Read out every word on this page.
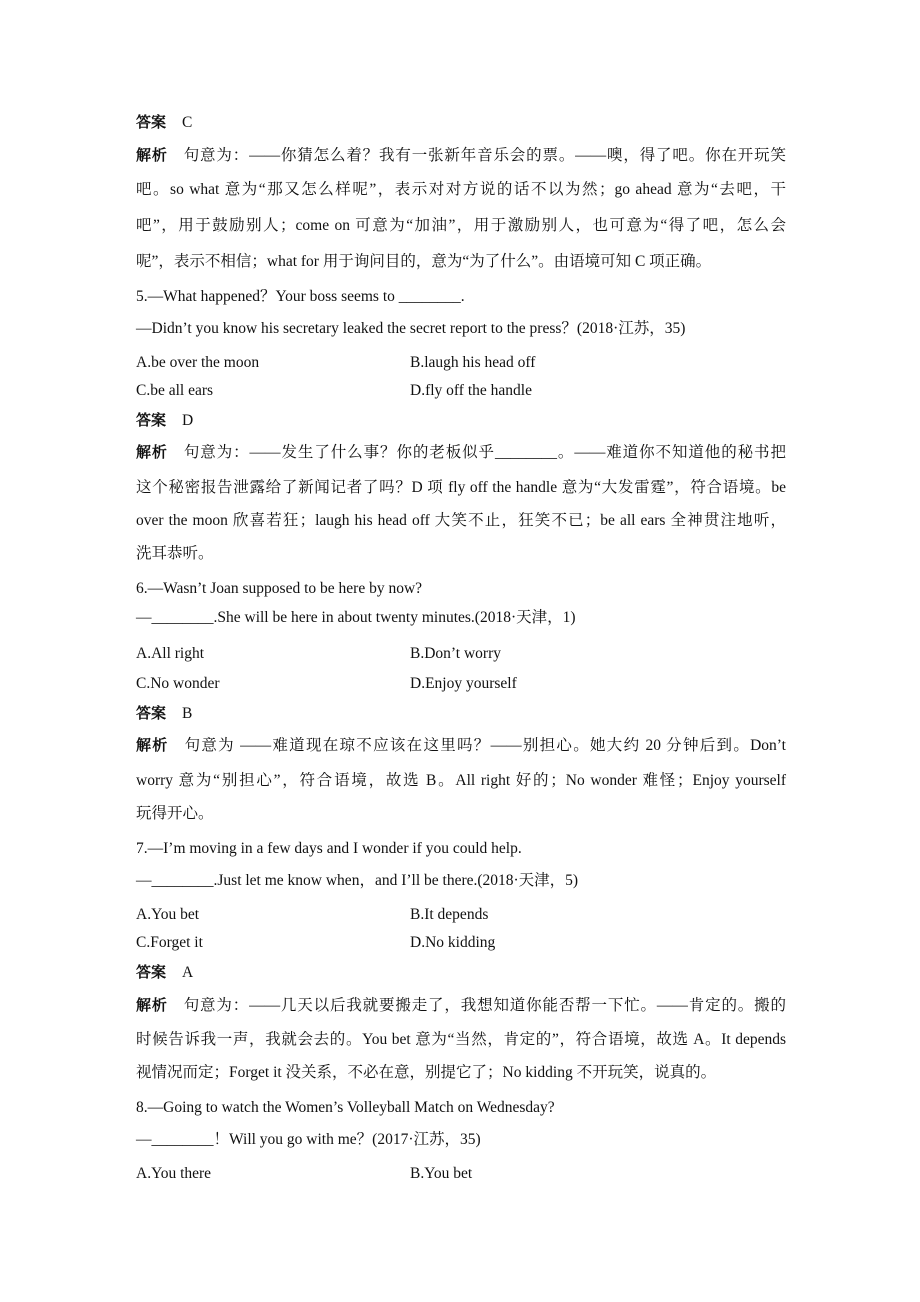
答案 C
解析 句意为：——你猜怎么着？我有一张新年音乐会的票。——噢，得了吧。你在开玩笑
吧。so what 意为“那又怎么样呢”，表示对对方说的话不以为然；go ahead 意为“去吧，干
吧”，用于鼓励别人；come on 可意为“加油”，用于激励别人，也可意为“得了吧，怎么会
呢”，表示不相信；what for 用于询问目的，意为“为了什么”。由语境可知 C 项正确。
5.—What happened？Your boss seems to ________.
—Didn’t you know his secretary leaked the secret report to the press？(2018·江苏，35)
A.be over the moon	B.laugh his head off
C.be all ears	D.fly off the handle
答案 D
解析 句意为：——发生了什么事？你的老板似乎________。——难道你不知道他的秘书把
这个秘密报告泄露给了新闻记者了吗？D 项 fly off the handle 意为“大发雷霆”，符合语境。be
over the moon 欣喜若狂；laugh his head off 大笑不止，狂笑不已；be all ears 全神贯注地听，
洗耳恭听。
6.—Wasn’t Joan supposed to be here by now?
—________.She will be here in about twenty minutes.(2018·天津，1)
A.All right	B.Don’t worry
C.No wonder	D.Enjoy yourself
答案 B
解析 句意为 ——难道现在琼不应该在这里吗？——别担心。她大约 20 分钟后到。Don’t
worry 意为“别担心”，符合语境，故选 B。All right 好的；No wonder 难怪；Enjoy yourself
玩得开心。
7.—I’m moving in a few days and I wonder if you could help.
—________.Just let me know when，and I’ll be there.(2018·天津，5)
A.You bet	B.It depends
C.Forget it	D.No kidding
答案 A
解析 句意为：——几天以后我就要搬走了，我想知道你能否帮一下忙。——肯定的。搬的
时候告诉我一声，我就会去的。You bet 意为“当然，肯定的”，符合语境，故选 A。It depends
视情况而定；Forget it 没关系，不必在意，别提它了；No kidding 不开玩笑，说真的。
8.—Going to watch the Women’s Volleyball Match on Wednesday?
—________！Will you go with me？(2017·江苏，35)
A.You there	B.You bet
